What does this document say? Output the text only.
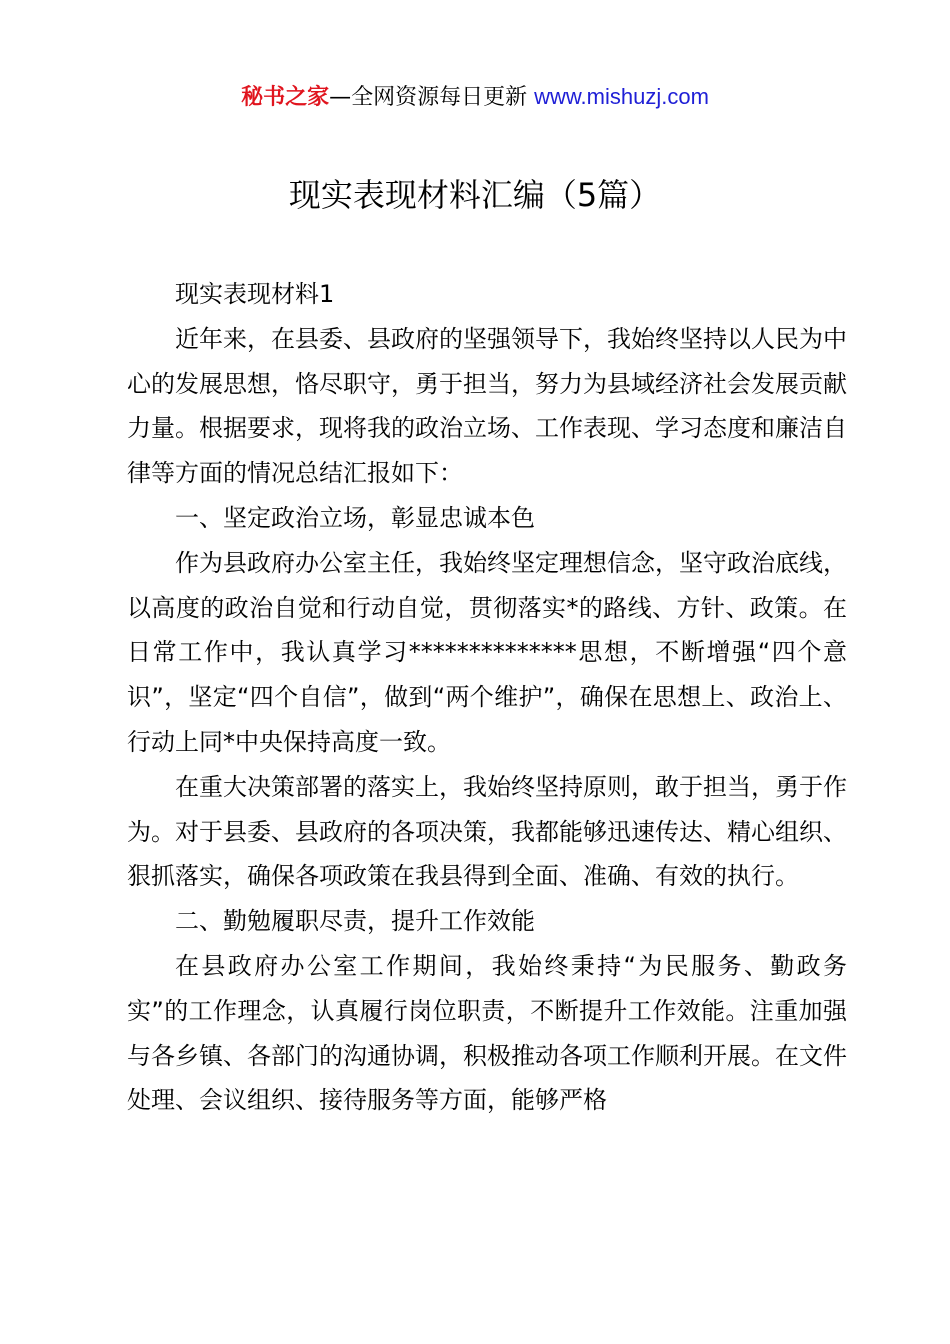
秘书之家—全网资源每日更新 www.mishuzj.com
现实表现材料汇编（5篇）

现实表现材料1

近年来，在县委、县政府的坚强领导下，我始终坚持以人民为中心的发展思想，恪尽职守，勇于担当，努力为县域经济社会发展贡献力量。根据要求，现将我的政治立场、工作表现、学习态度和廉洁自律等方面的情况总结汇报如下：

一、坚定政治立场，彰显忠诚本色

作为县政府办公室主任，我始终坚定理想信念，坚守政治底线，以高度的政治自觉和行动自觉，贯彻落实*的路线、方针、政策。在日常工作中，我认真学习**************思想，不断增强“四个意识”，坚定“四个自信”，做到“两个维护”，确保在思想上、政治上、行动上同*中央保持高度一致。

在重大决策部署的落实上，我始终坚持原则，敢于担当，勇于作为。对于县委、县政府的各项决策，我都能够迅速传达、精心组织、狠抓落实，确保各项政策在我县得到全面、准确、有效的执行。

二、勤勉履职尽责，提升工作效能

在县政府办公室工作期间，我始终秉持“为民服务、勤政务实”的工作理念，认真履行岗位职责，不断提升工作效能。注重加强与各乡镇、各部门的沟通协调，积极推动各项工作顺利开展。在文件处理、会议组织、接待服务等方面，能够严格
